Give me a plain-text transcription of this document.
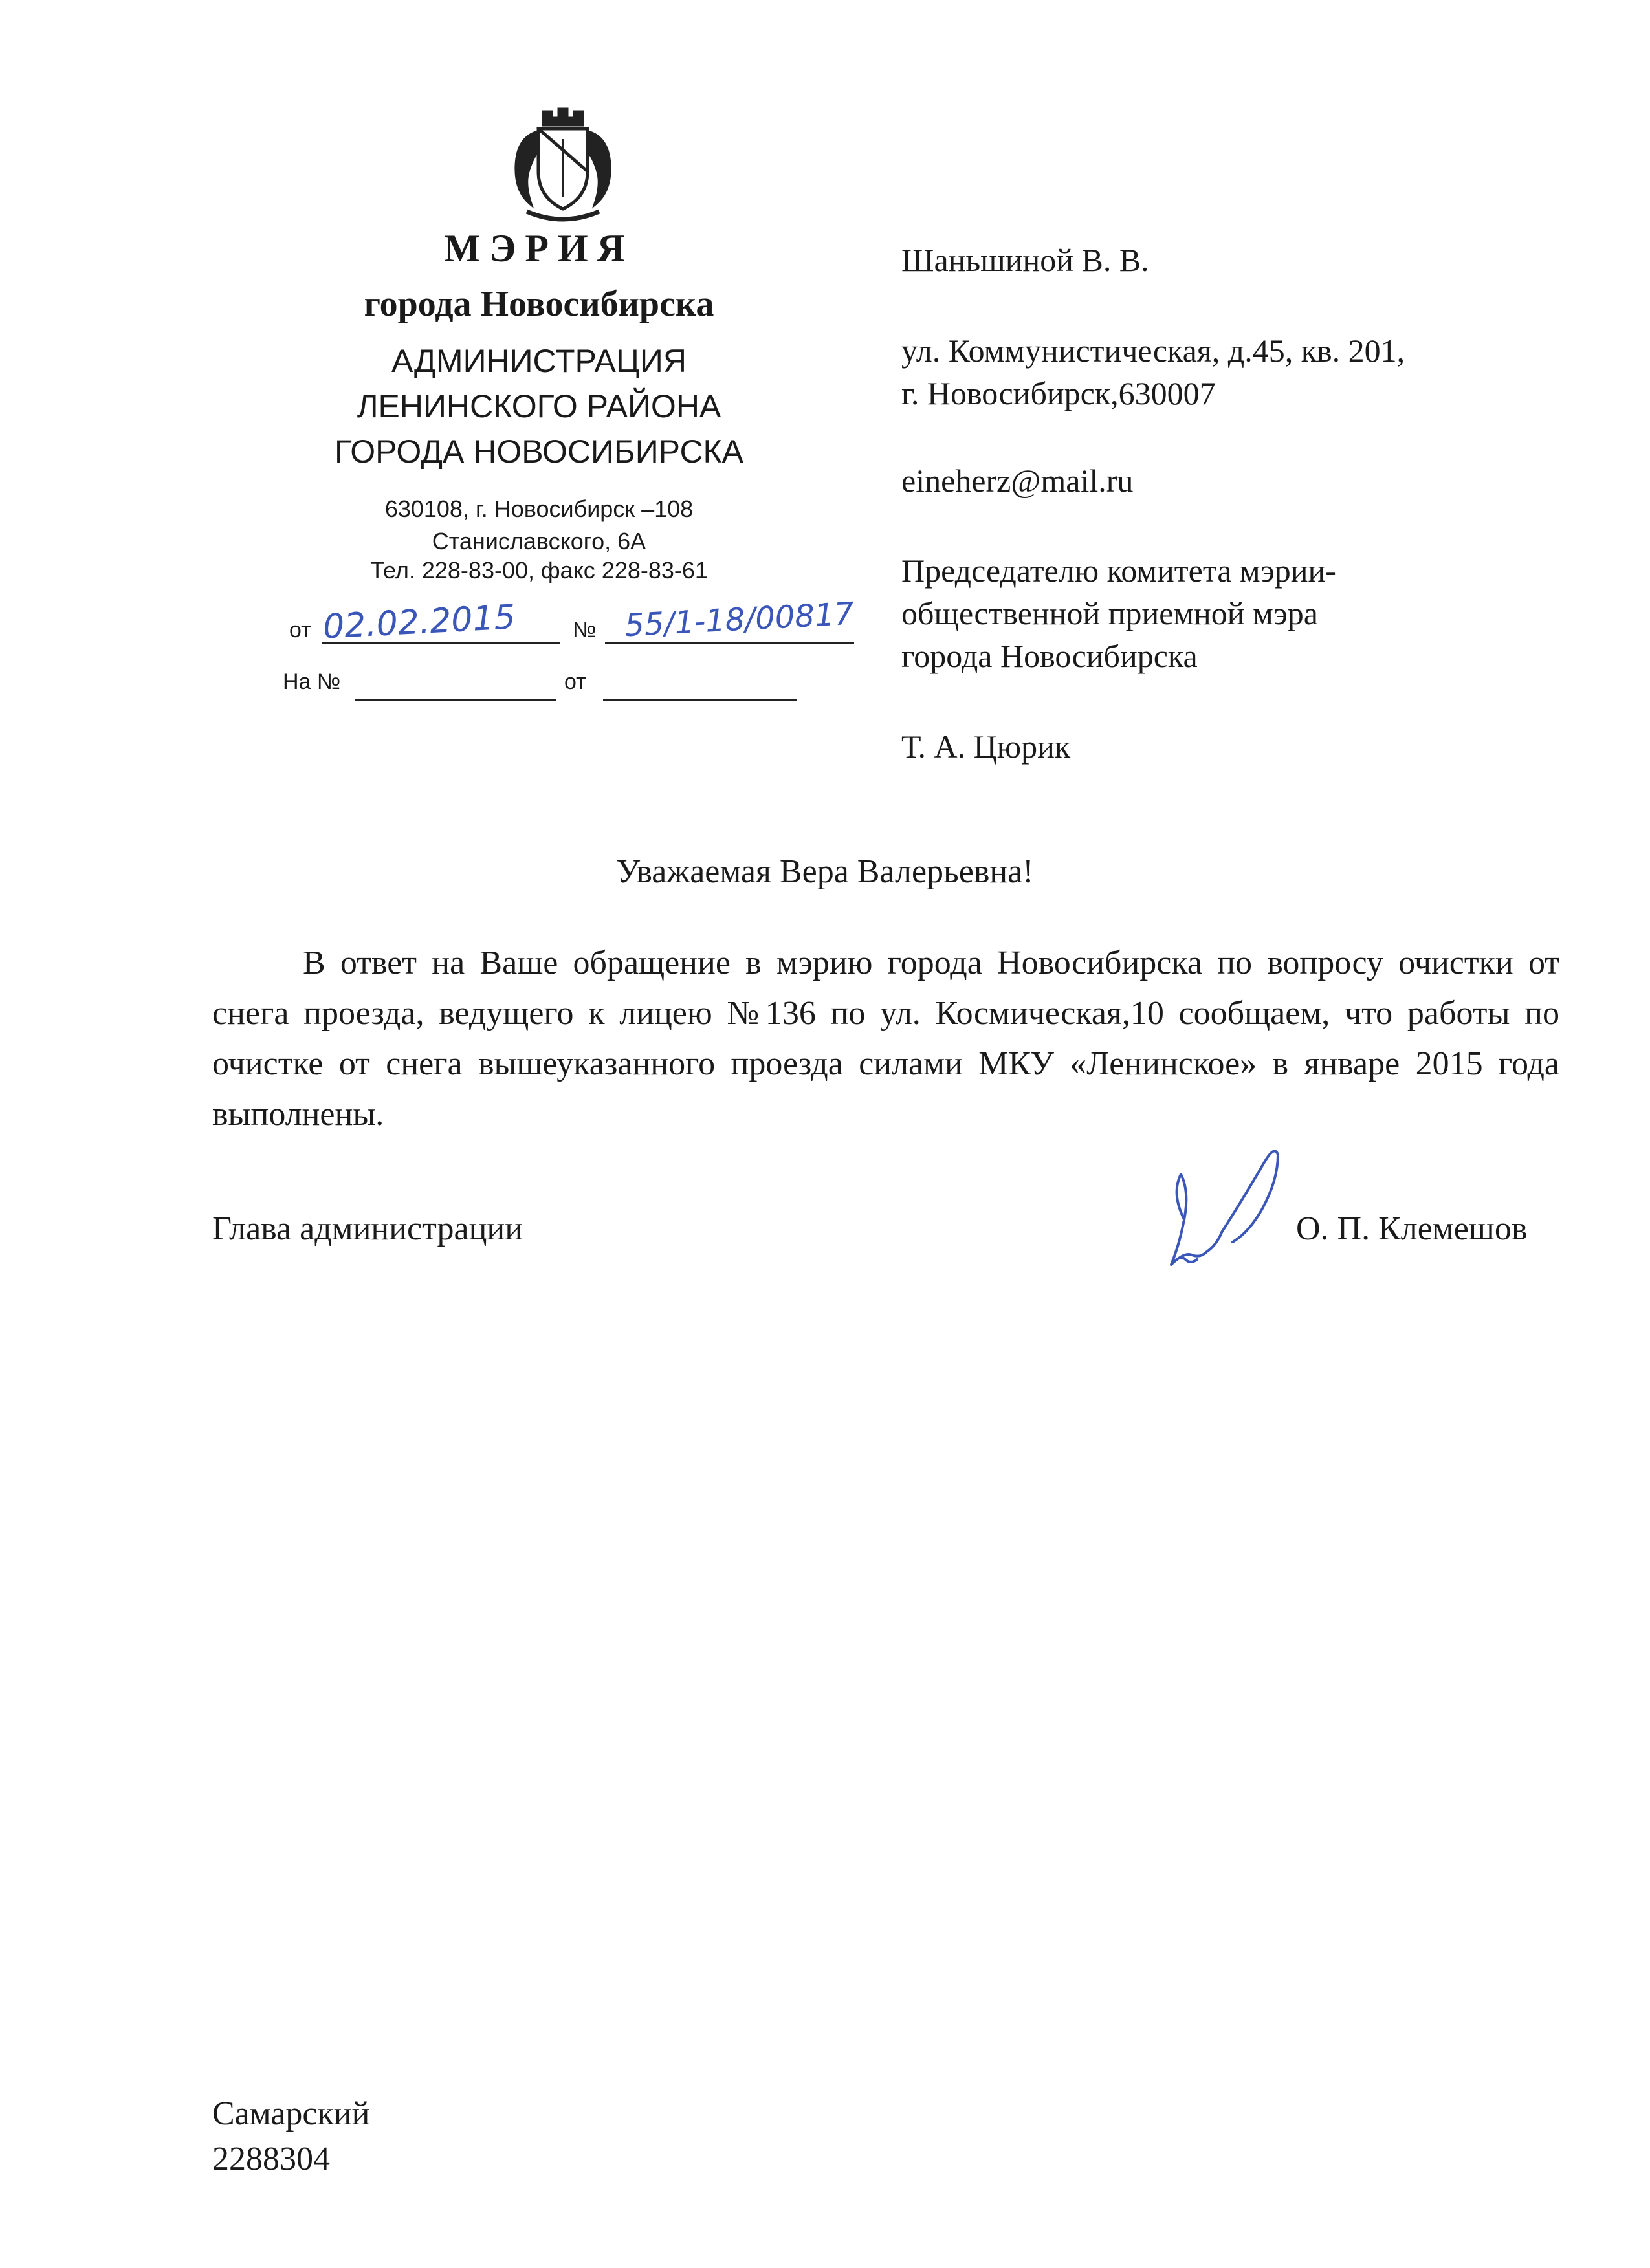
МЭРИЯ
города Новосибирска
АДМИНИСТРАЦИЯ
ЛЕНИНСКОГО РАЙОНА
ГОРОДА НОВОСИБИРСКА
630108, г. Новосибирск –108
Станиславского, 6А
Тел. 228-83-00, факс 228-83-61
от 02.02.2015	№ 55/1-18/00817
На №	от
Шаньшиной В. В.
ул. Коммунистическая, д.45, кв. 201,
г. Новосибирск,630007
eineherz@mail.ru
Председателю комитета мэрии-
общественной приемной мэра
города Новосибирска
Т. А. Цюрик
Уважаемая Вера Валерьевна!

В ответ на Ваше обращение в мэрию города Новосибирска по вопросу очистки от снега проезда, ведущего к лицею №136 по ул. Космическая,10 сообщаем, что работы по очистке от снега вышеуказанного проезда силами МКУ «Ленинское» в январе 2015 года выполнены.

Глава администрации	О. П. Клемешов
Самарский
2288304
